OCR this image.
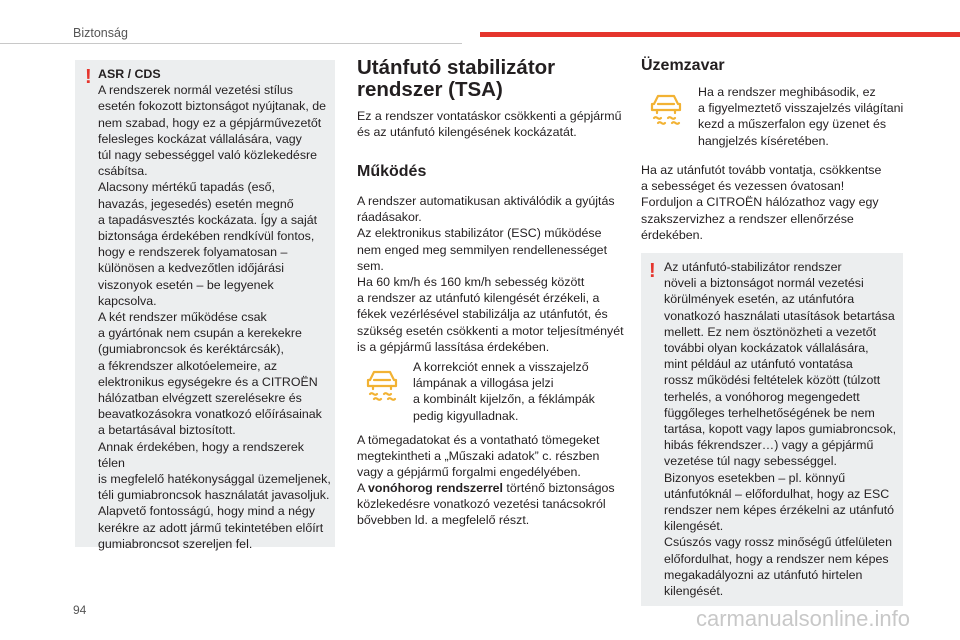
Biztonság
! ASR / CDS

A rendszerek normál vezetési stílus

esetén fokozott biztonságot nyújtanak, de

nem szabad, hogy ez a gépjárművezetőt

felesleges kockázat vállalására, vagy

túl nagy sebességgel való közlekedésre

csábítsa.

Alacsony mértékű tapadás (eső,

havazás, jegesedés) esetén megnő

a tapadásvesztés kockázata. Így a saját

biztonsága érdekében rendkívül fontos,

hogy e rendszerek folyamatosan –

különösen a kedvezőtlen időjárási

viszonyok esetén – be legyenek

kapcsolva.

A két rendszer működése csak

a gyártónak nem csupán a kerekekre

(gumiabroncsok és keréktárcsák),

a fékrendszer alkotóelemeire, az

elektronikus egységekre és a CITROËN

hálózatban elvégzett szerelésekre és

beavatkozásokra vonatkozó előírásainak

a betartásával biztosított.

Annak érdekében, hogy a rendszerek télen

is megfelelő hatékonysággal üzemeljenek,

téli gumiabroncsok használatát javasoljuk.

Alapvető fontosságú, hogy mind a négy

kerékre az adott jármű tekintetében előírt

gumiabroncsot szereljen fel.

Utánfutó stabilizátor
rendszer (TSA)

Ez a rendszer vontatáskor csökkenti a gépjármű

és az utánfutó kilengésének kockázatát.

Működés

A rendszer automatikusan aktiválódik a gyújtás

ráadásakor.

Az elektronikus stabilizátor (ESC) működése

nem enged meg semmilyen rendellenességet

sem.

Ha 60 km/h és 160 km/h sebesség között

a rendszer az utánfutó kilengését érzékeli, a

fékek vezérlésével stabilizálja az utánfutót, és

szükség esetén csökkenti a motor teljesítményét

is a gépjármű lassítása érdekében.

A korrekciót ennek a visszajelző

lámpának a villogása jelzi

a kombinált kijelzőn, a féklámpák

pedig kigyulladnak.

A tömegadatokat és a vontatható tömegeket

megtekintheti a „Műszaki adatok” c. részben

vagy a gépjármű forgalmi engedélyében.

A vonóhorog rendszerrel történő biztonságos

közlekedésre vonatkozó vezetési tanácsokról

bővebben ld. a megfelelő részt.

Üzemzavar

Ha a rendszer meghibásodik, ez

a figyelmeztető visszajelzés világítani

kezd a műszerfalon egy üzenet és

hangjelzés kíséretében.

Ha az utánfutót tovább vontatja, csökkentse

a sebességet és vezessen óvatosan!

Forduljon a CITROËN hálózathoz vagy egy

szakszervizhez a rendszer ellenőrzése

érdekében.

! Az utánfutó-stabilizátor rendszer

növeli a biztonságot normál vezetési

körülmények esetén, az utánfutóra

vonatkozó használati utasítások betartása

mellett. Ez nem ösztönözheti a vezetőt

további olyan kockázatok vállalására,

mint például az utánfutó vontatása

rossz működési feltételek között (túlzott

terhelés, a vonóhorog megengedett

függőleges terhelhetőségének be nem

tartása, kopott vagy lapos gumiabroncsok,

hibás fékrendszer…) vagy a gépjármű

vezetése túl nagy sebességgel.

Bizonyos esetekben – pl. könnyű

utánfutóknál – előfordulhat, hogy az ESC

rendszer nem képes érzékelni az utánfutó

kilengését.

Csúszós vagy rossz minőségű útfelületen

előfordulhat, hogy a rendszer nem képes

megakadályozni az utánfutó hirtelen

kilengését.

94	carmanualsonline.info
